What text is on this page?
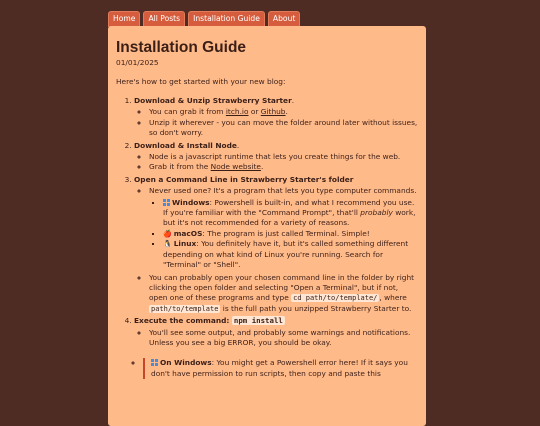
Home	All Posts	Installation Guide	About
Installation Guide
01/01/2025
Here's how to get started with your new blog:
1. Download & Unzip Strawberry Starter.
◦ You can grab it from itch.io or Github.
◦ Unzip it wherever - you can move the folder around later without issues, so don't worry.
2. Download & Install Node.
◦ Node is a javascript runtime that lets you create things for the web.
◦ Grab it from the Node website.
3. Open a Command Line in Strawberry Starter's folder
◦ Never used one? It's a program that lets you type computer commands.
▪ Windows: Powershell is built-in, and what I recommend you use. If you're familiar with the "Command Prompt", that'll probably work, but it's not recommended for a variety of reasons.
▪ 🍎 macOS: The program is just called Terminal. Simple!
▪ 🐧 Linux: You definitely have it, but it's called something different depending on what kind of Linux you're running. Search for "Terminal" or "Shell".
◦ You can probably open your chosen command line in the folder by right clicking the open folder and selecting "Open a Terminal", but if not, open one of these programs and type cd path/to/template/ , where path/to/template is the full path you unzipped Strawberry Starter to.
4. Execute the command: npm install
◦ You'll see some output, and probably some warnings and notifications. Unless you see a big ERROR, you should be okay.
◦ On Windows: You might get a Powershell error here! If it says you don't have permission to run scripts, then copy and paste this
